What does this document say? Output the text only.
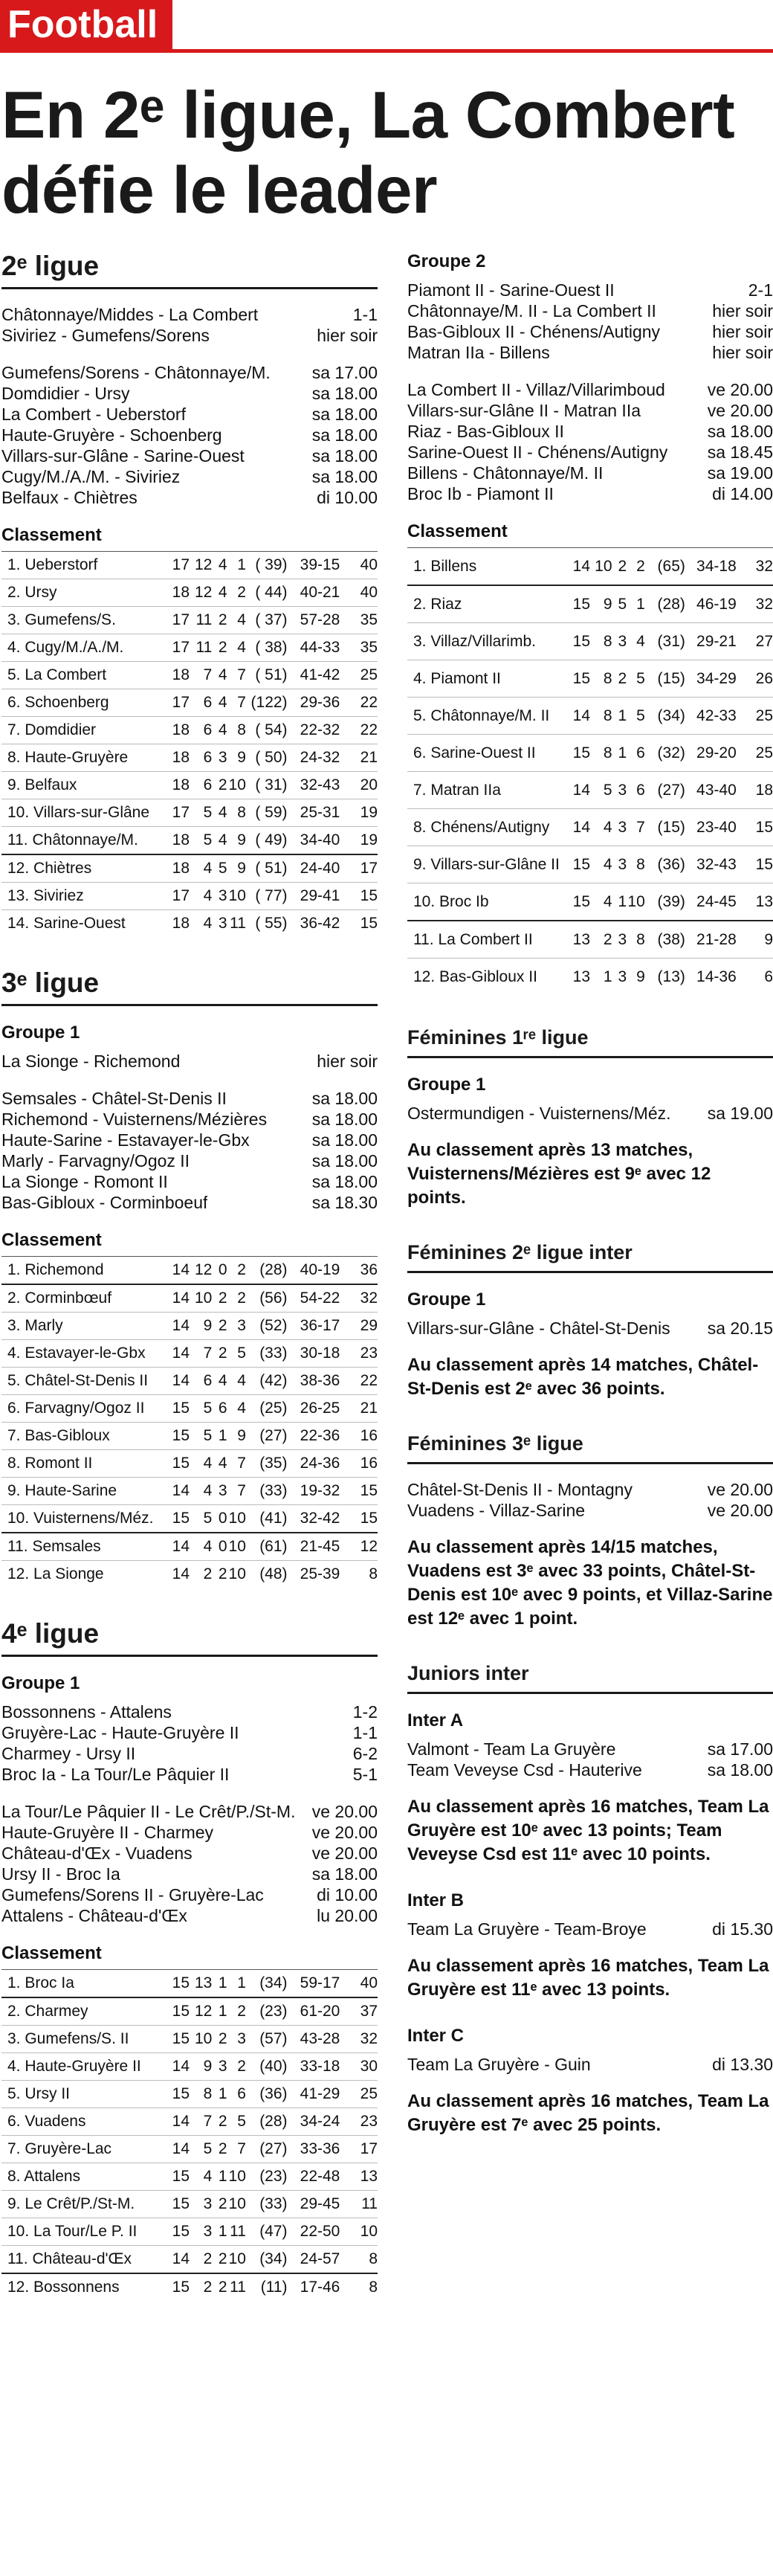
Football
En 2ᵉ ligue, La Combert
défie le leader
2ᵉ ligue
Châtonnaye/Middes - La Combert	1-1
Siviriez - Gumefens/Sorens	hier soir
Gumefens/Sorens - Châtonnaye/M. sa 17.00
Domdidier - Ursy	sa 18.00
La Combert - Ueberstorf	sa 18.00
Haute-Gruyère - Schoenberg	sa 18.00
Villars-sur-Glâne - Sarine-Ouest	sa 18.00
Cugy/M./A./M. - Siviriez	sa 18.00
Belfaux - Chiètres	di 10.00
Classement
1. Ueberstorf	17	12	4	1	( 39)	39-15	40
2. Ursy	18	12	4	2	( 44)	40-21	40
3. Gumefens/S.	17	11	2	4	( 37)	57-28	35
4. Cugy/M./A./M.	17	11	2	4	( 38)	44-33	35
5. La Combert	18	7	4	7	( 51)	41-42	25
6. Schoenberg	17	6	4	7	(122)	29-36	22
7. Domdidier	18	6	4	8	( 54)	22-32	22
8. Haute-Gruyère	18	6	3	9	( 50)	24-32	21
9. Belfaux	18	6	2	10	( 31)	32-43	20
10. Villars-sur-Glâne	17	5	4	8	( 59)	25-31	19
11. Châtonnaye/M.	18	5	4	9	( 49)	34-40	19
12. Chiètres	18	4	5	9	( 51)	24-40	17
13. Siviriez	17	4	3	10	( 77)	29-41	15
14. Sarine-Ouest	18	4	3	11	( 55)	36-42	15
3ᵉ ligue
Groupe 1
La Sionge - Richemond	hier soir
Semsales - Châtel-St-Denis II	sa 18.00
Richemond - Vuisternens/Mézières	sa 18.00
Haute-Sarine - Estavayer-le-Gbx	sa 18.00
Marly - Farvagny/Ogoz II	sa 18.00
La Sionge - Romont II	sa 18.00
Bas-Gibloux - Corminboeuf	sa 18.30
Classement
1. Richemond	14	12	0	2	(28)	40-19	36
2. Corminbœuf	14	10	2	2	(56)	54-22	32
3. Marly	14	9	2	3	(52)	36-17	29
4. Estavayer-le-Gbx	14	7	2	5	(33)	30-18	23
5. Châtel-St-Denis II	14	6	4	4	(42)	38-36	22
6. Farvagny/Ogoz II	15	5	6	4	(25)	26-25	21
7. Bas-Gibloux	15	5	1	9	(27)	22-36	16
8. Romont II	15	4	4	7	(35)	24-36	16
9. Haute-Sarine	14	4	3	7	(33)	19-32	15
10. Vuisternens/Méz.	15	5	0	10	(41)	32-42	15
11. Semsales	14	4	0	10	(61)	21-45	12
12. La Sionge	14	2	2	10	(48)	25-39	8
4ᵉ ligue
Groupe 1
Bossonnens - Attalens	1-2
Gruyère-Lac - Haute-Gruyère II	1-1
Charmey - Ursy II	6-2
Broc Ia - La Tour/Le Pâquier II	5-1
La Tour/Le Pâquier II - Le Crêt/P./St-M. ve 20.00
Haute-Gruyère II - Charmey	ve 20.00
Château-d'Œx - Vuadens	ve 20.00
Ursy II - Broc Ia	sa 18.00
Gumefens/Sorens II - Gruyère-Lac	di 10.00
Attalens - Château-d'Œx	lu 20.00
Classement
1. Broc Ia	15	13	1	1	(34)	59-17	40
2. Charmey	15	12	1	2	(23)	61-20	37
3. Gumefens/S. II	15	10	2	3	(57)	43-28	32
4. Haute-Gruyère II	14	9	3	2	(40)	33-18	30
5. Ursy II	15	8	1	6	(36)	41-29	25
6. Vuadens	14	7	2	5	(28)	34-24	23
7. Gruyère-Lac	14	5	2	7	(27)	33-36	17
8. Attalens	15	4	1	10	(23)	22-48	13
9. Le Crêt/P./St-M.	15	3	2	10	(33)	29-45	11
10. La Tour/Le P. II	15	3	1	11	(47)	22-50	10
11. Château-d'Œx	14	2	2	10	(34)	24-57	8
12. Bossonnens	15	2	2	11	(11)	17-46	8
Groupe 2
Piamont II - Sarine-Ouest II	2-1
Châtonnaye/M. II - La Combert II	hier soir
Bas-Gibloux II - Chénens/Autigny	hier soir
Matran IIa - Billens	hier soir
La Combert II - Villaz/Villarimboud ve 20.00
Villars-sur-Glâne II - Matran IIa	ve 20.00
Riaz - Bas-Gibloux II	sa 18.00
Sarine-Ouest II - Chénens/Autigny sa 18.45
Billens - Châtonnaye/M. II	sa 19.00
Broc Ib - Piamont II	di 14.00
Classement
1. Billens	14	10	2	2	(65)	34-18	32
2. Riaz	15	9	5	1	(28)	46-19	32
3. Villaz/Villarimb.	15	8	3	4	(31)	29-21	27
4. Piamont II	15	8	2	5	(15)	34-29	26
5. Châtonnaye/M. II	14	8	1	5	(34)	42-33	25
6. Sarine-Ouest II	15	8	1	6	(32)	29-20	25
7. Matran IIa	14	5	3	6	(27)	43-40	18
8. Chénens/Autigny	14	4	3	7	(15)	23-40	15
9. Villars-sur-Glâne II	15	4	3	8	(36)	32-43	15
10. Broc Ib	15	4	1	10	(39)	24-45	13
11. La Combert II	13	2	3	8	(38)	21-28	9
12. Bas-Gibloux II	13	1	3	9	(13)	14-36	6
Féminines 1ʳᵉ ligue
Groupe 1
Ostermundigen - Vuisternens/Méz. sa 19.00
Au classement après 13 matches, Vuisternens/Mézières est 9ᵉ avec 12 points.
Féminines 2ᵉ ligue inter
Groupe 1
Villars-sur-Glâne - Châtel-St-Denis sa 20.15
Au classement après 14 matches, Châtel-St-Denis est 2ᵉ avec 36 points.
Féminines 3ᵉ ligue
Châtel-St-Denis II - Montagny	ve 20.00
Vuadens - Villaz-Sarine	ve 20.00
Au classement après 14/15 matches, Vuadens est 3ᵉ avec 33 points, Châtel-St-Denis est 10ᵉ avec 9 points, et Villaz-Sarine est 12ᵉ avec 1 point.
Juniors inter
Inter A
Valmont - Team La Gruyère	sa 17.00
Team Veveyse Csd - Hauterive	sa 18.00
Au classement après 16 matches, Team La Gruyère est 10ᵉ avec 13 points; Team Veveyse Csd est 11ᵉ avec 10 points.
Inter B
Team La Gruyère - Team-Broye	di 15.30
Au classement après 16 matches, Team La Gruyère est 11ᵉ avec 13 points.
Inter C
Team La Gruyère - Guin	di 13.30
Au classement après 16 matches, Team La Gruyère est 7ᵉ avec 25 points.
